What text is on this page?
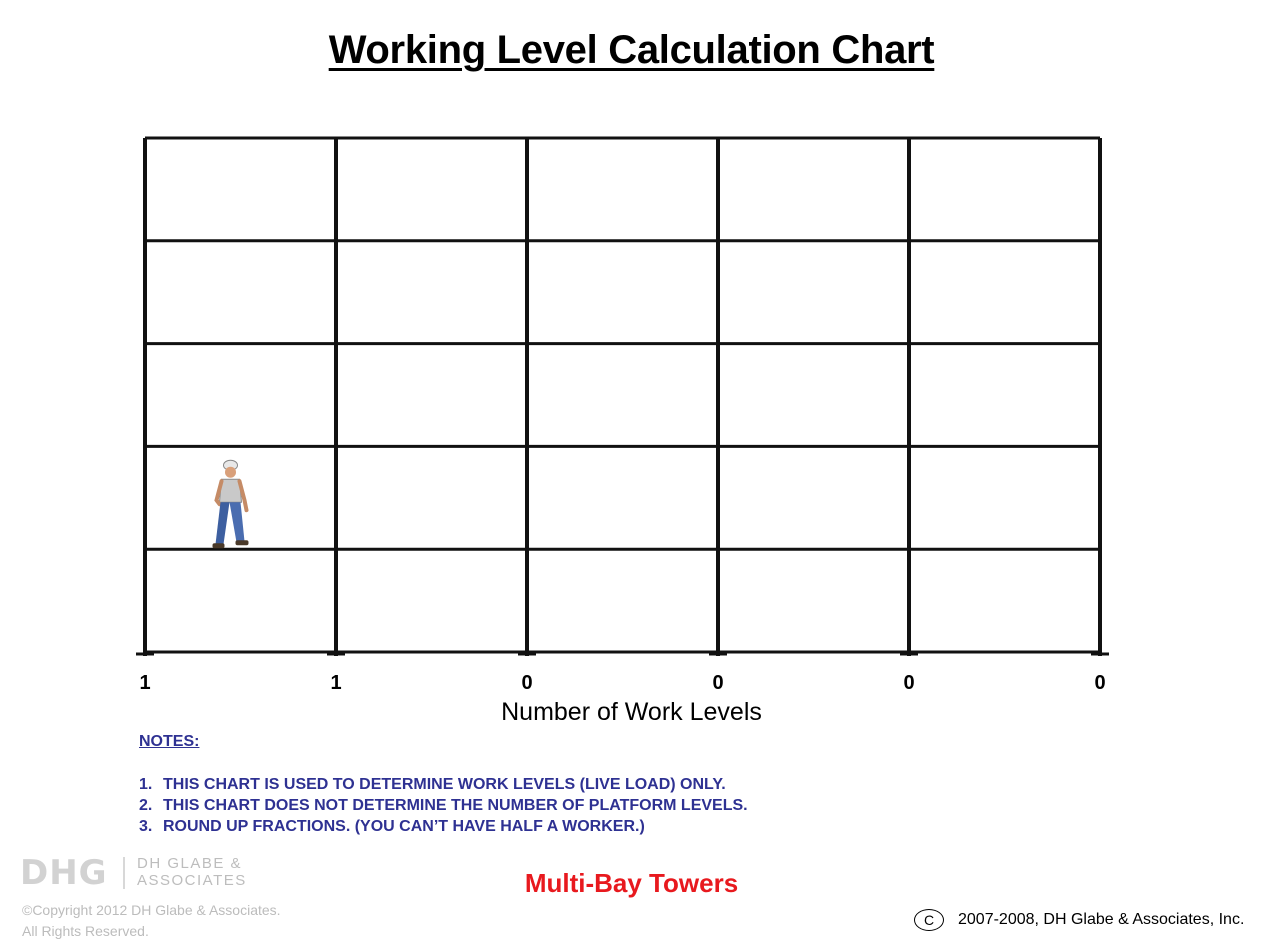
Working Level Calculation Chart
1	1	0	0	0	0
Number of Work Levels
NOTES:
1. THIS CHART IS USED TO DETERMINE WORK LEVELS (LIVE LOAD) ONLY.
2. THIS CHART DOES NOT DETERMINE THE NUMBER OF PLATFORM LEVELS.
3. ROUND UP FRACTIONS. (YOU CAN’T HAVE HALF A WORKER.)
DHG DH GLABE &
ASSOCIATES	Multi-Bay Towers
©Copyright 2012 DH Glabe & Associates.
All Rights Reserved.
C	2007-2008, DH Glabe & Associates, Inc.
